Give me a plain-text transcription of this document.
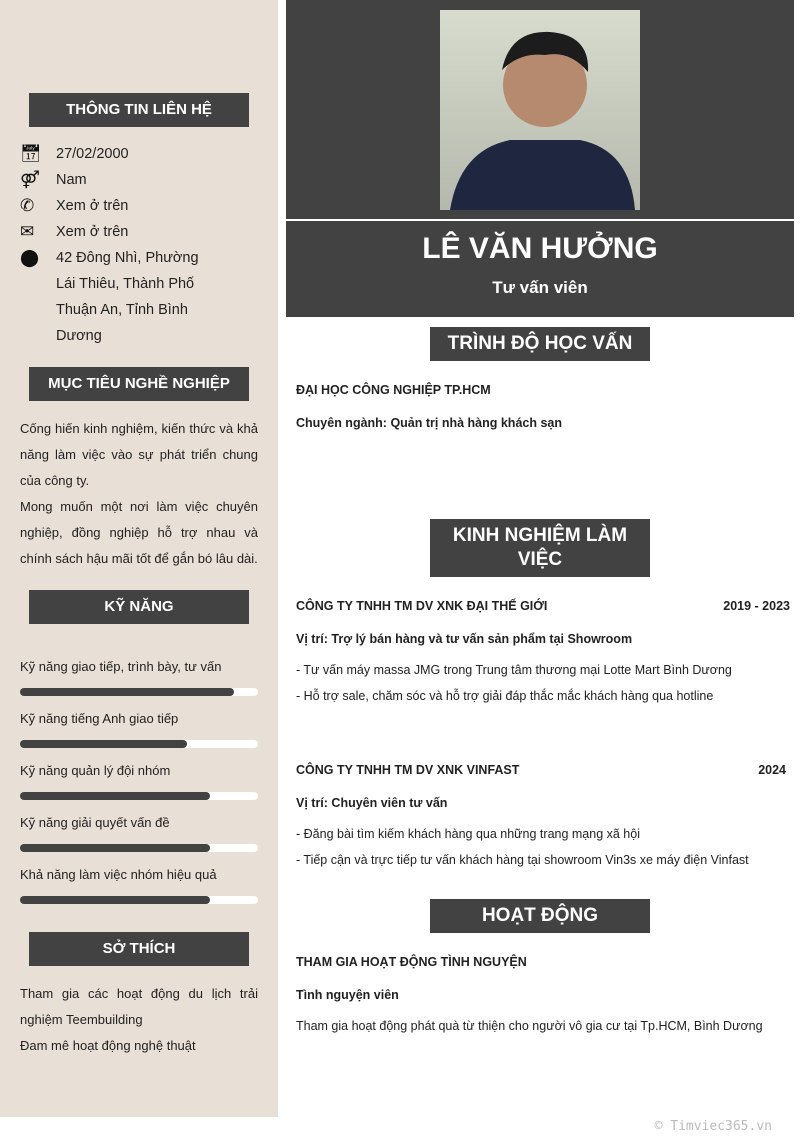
THÔNG TIN LIÊN HỆ
📅︎ 27/02/2000
⚤	Nam
✆	Xem ở trên
✉	Xem ở trên
⬤	42 Đông Nhì, Phường Lái Thiêu, Thành Phố Thuận An, Tỉnh Bình Dương
MỤC TIÊU NGHỀ NGHIỆP
Cống hiến kinh nghiệm, kiến thức và khả năng làm việc vào sự phát triển chung của công ty.
Mong muốn một nơi làm việc chuyên nghiệp, đồng nghiệp hỗ trợ nhau và chính sách hậu mãi tốt để gắn bó lâu dài.
KỸ NĂNG
Kỹ năng giao tiếp, trình bày, tư vấn
Kỹ năng tiếng Anh giao tiếp
Kỹ năng quản lý đội nhóm
Kỹ năng giải quyết vấn đề
Khả năng làm việc nhóm hiệu quả
SỞ THÍCH
Tham gia các hoạt động du lịch trải nghiệm Teembuilding
Đam mê hoạt động nghệ thuật
LÊ VĂN HƯỞNG
Tư vấn viên
TRÌNH ĐỘ HỌC VẤN
ĐẠI HỌC CÔNG NGHIỆP TP.HCM
Chuyên ngành: Quản trị nhà hàng khách sạn
KINH NGHIỆM LÀM VIỆC
CÔNG TY TNHH TM DV XNK ĐẠI THẾ GIỚI	2019 - 2023
Vị trí: Trợ lý bán hàng và tư vấn sản phẩm tại Showroom
- Tư vấn máy massa JMG trong Trung tâm thương mại Lotte Mart Bình Dương
- Hỗ trợ sale, chăm sóc và hỗ trợ giải đáp thắc mắc khách hàng qua hotline
CÔNG TY TNHH TM DV XNK VINFAST	2024
Vị trí: Chuyên viên tư vấn
- Đăng bài tìm kiếm khách hàng qua những trang mạng xã hội
- Tiếp cận và trực tiếp tư vấn khách hàng tại showroom Vin3s xe máy điện Vinfast
HOẠT ĐỘNG
THAM GIA HOẠT ĐỘNG TÌNH NGUYỆN
Tình nguyện viên
Tham gia hoạt động phát quà từ thiện cho người vô gia cư tại Tp.HCM, Bình Dương
© Timviec365.vn
